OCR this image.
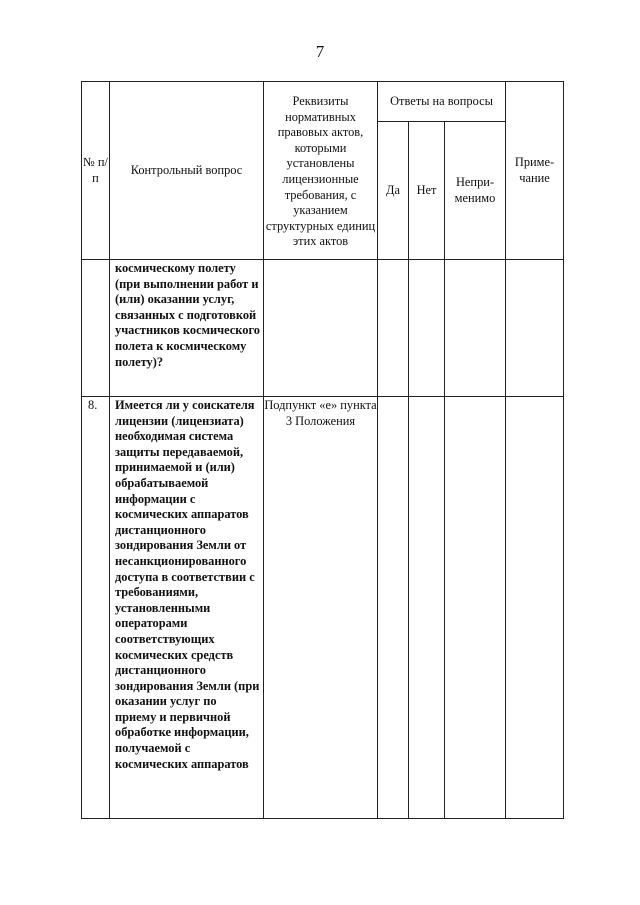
7
№ п/п	Контрольный вопрос	Реквизиты нормативных правовых актов, которыми установлены лицензионные требования, с указанием структурных единиц этих актов	Ответы на вопросы			Приме-чание
			Да	Нет	Непри-менимо	
	космическому полету (при выполнении работ и (или) оказании услуг, связанных с подготовкой участников космического полета к космическому полету)?					
8.	Имеется ли у соискателя лицензии (лицензиата) необходимая система защиты передаваемой, принимаемой и (или) обрабатываемой информации с космических аппаратов дистанционного зондирования Земли от несанкционированного доступа в соответствии с требованиями, установленными операторами соответствующих космических средств дистанционного зондирования Земли (при оказании услуг по приему и первичной обработке информации, получаемой с космических аппаратов	Подпункт «е» пункта 3 Положения				
